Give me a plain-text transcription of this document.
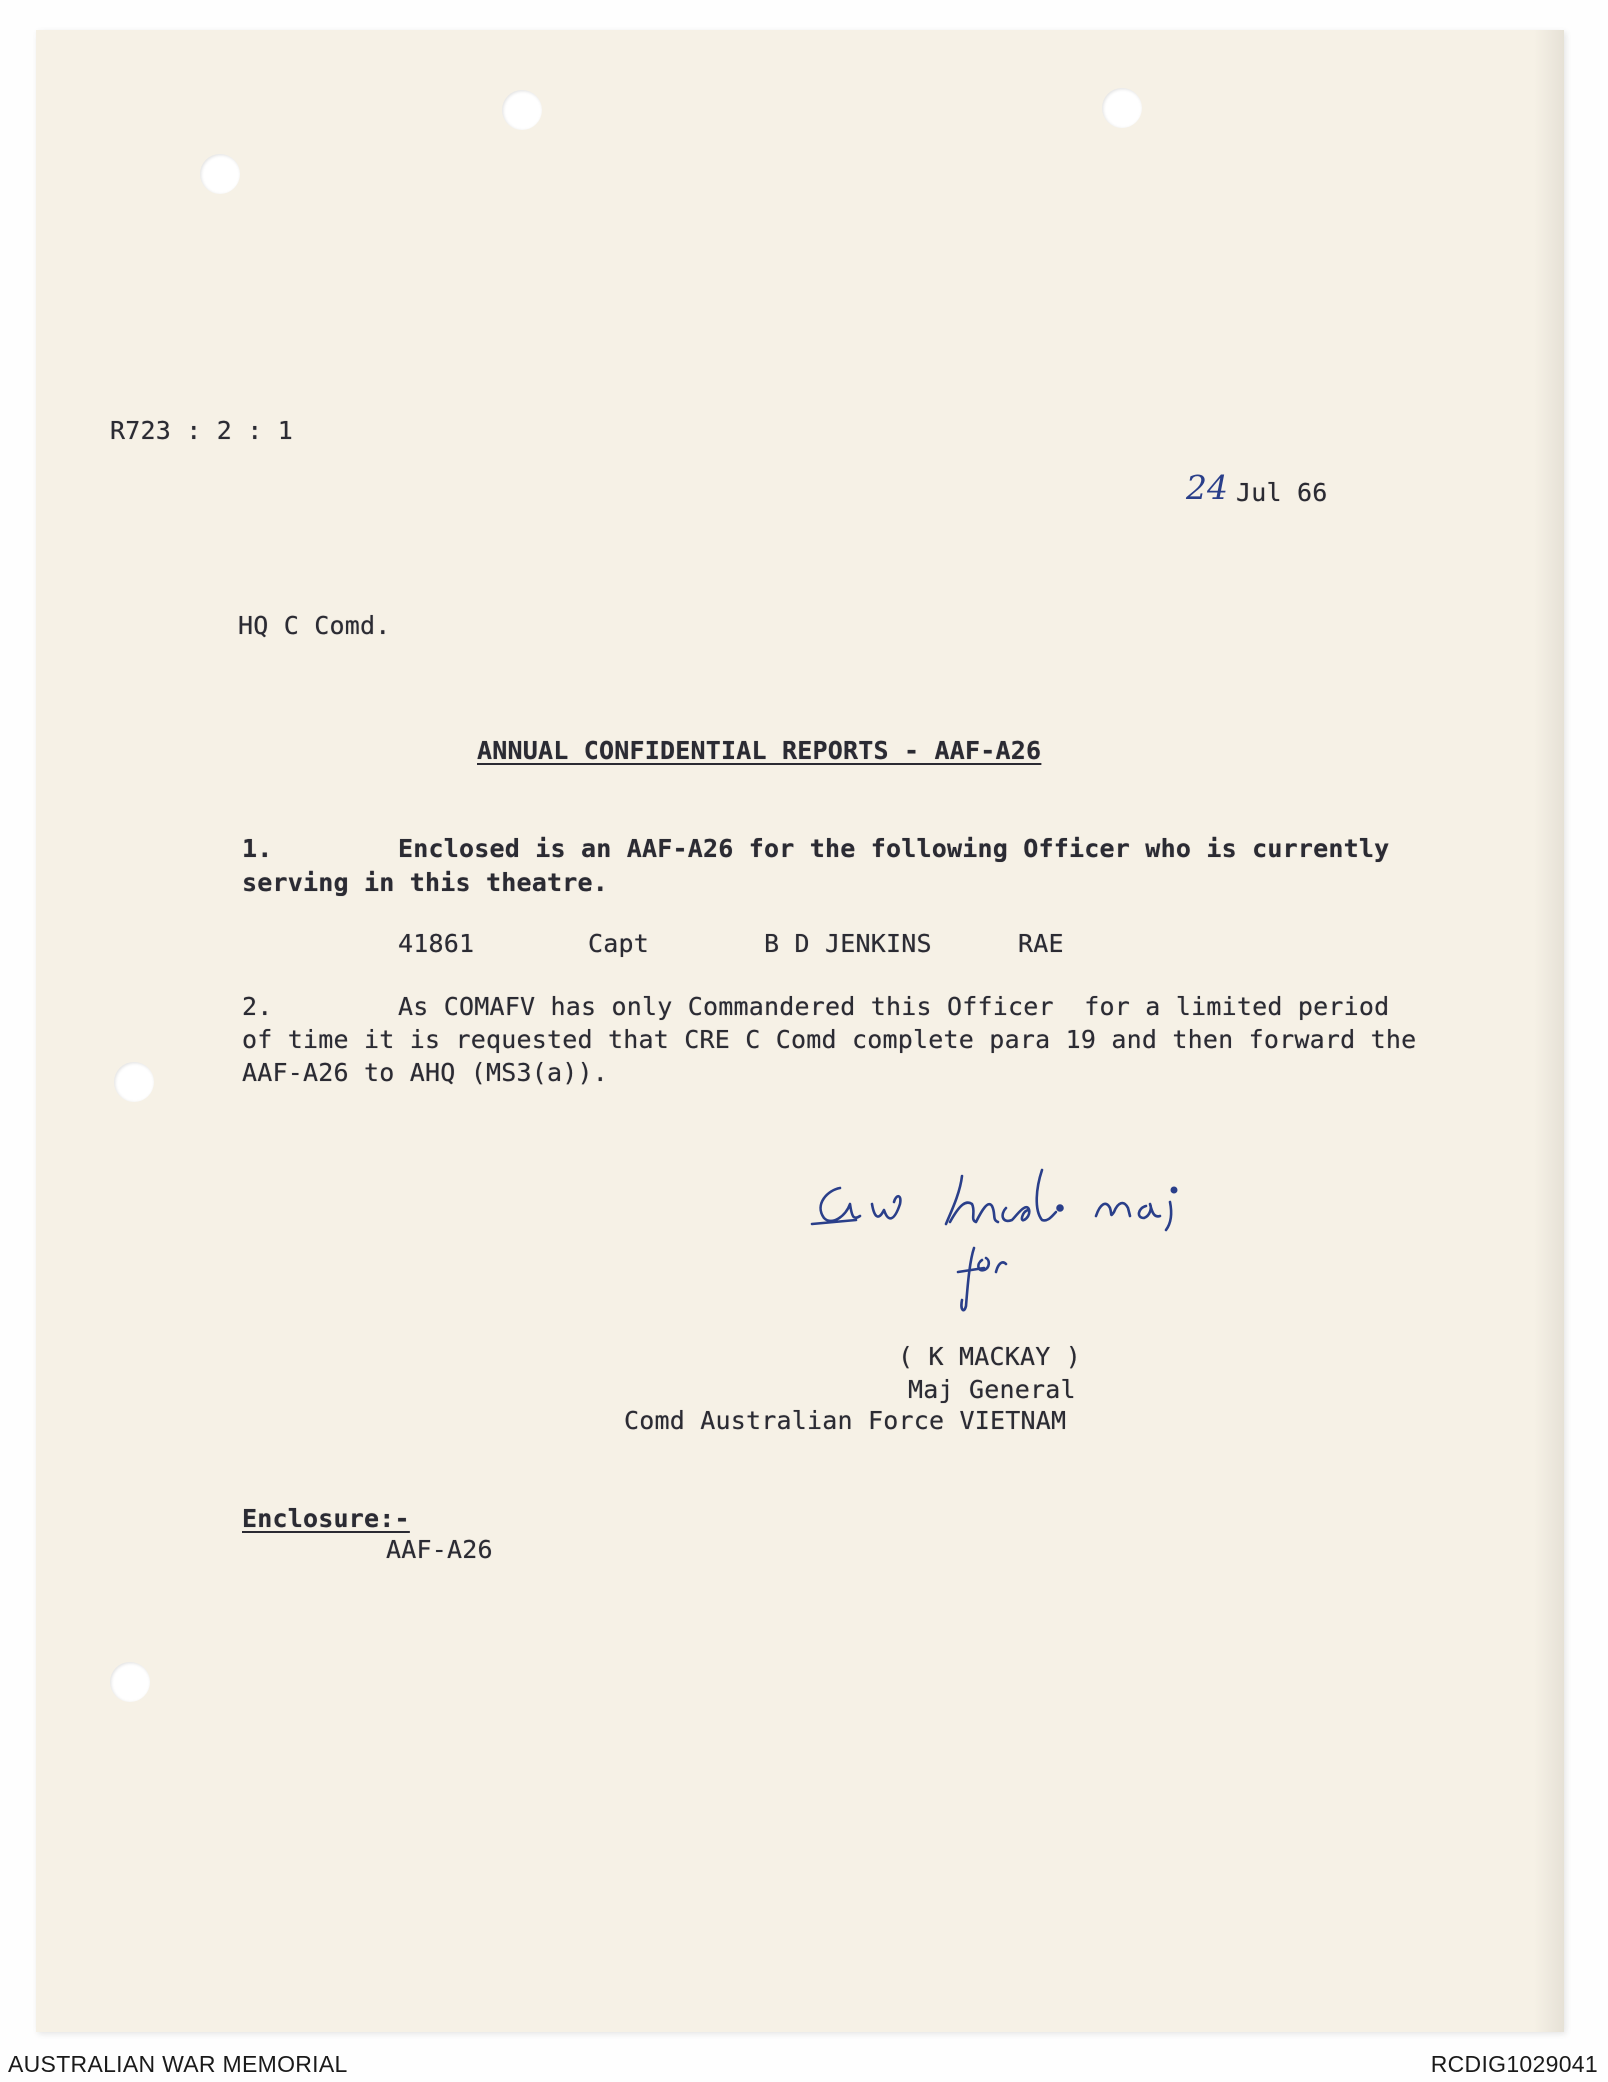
R723 : 2 : 1
24 Jul 66
HQ C Comd.
ANNUAL CONFIDENTIAL REPORTS - AAF-A26
1.	Enclosed is an AAF-A26 for the following Officer who is currently
serving in this theatre.
41861	Capt	B D JENKINS	RAE
2.	As COMAFV has only Commandered this Officer  for a limited period
of time it is requested that CRE C Comd complete para 19 and then forward the
AAF-A26 to AHQ (MS3(a)).
( K MACKAY )
Maj General
Comd Australian Force VIETNAM
Enclosure:-
AAF-A26
AUSTRALIAN WAR MEMORIAL	RCDIG1029041
